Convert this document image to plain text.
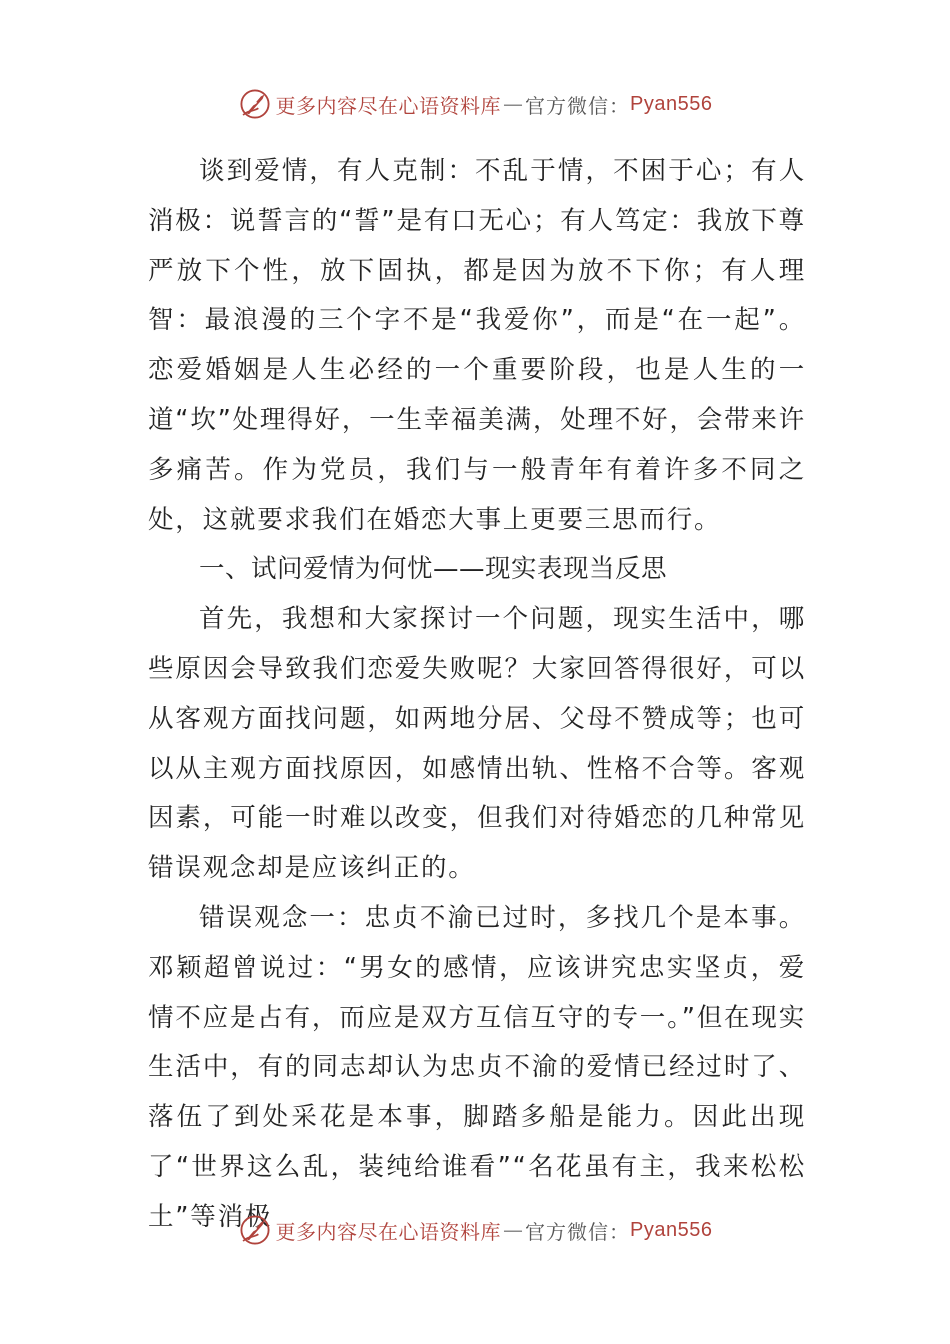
更多内容尽在心语资料库 — 官方微信： Pyan556

谈到爱情，有人克制：不乱于情，不困于心；有人消极：说誓言的“誓”是有口无心；有人笃定：我放下尊严放下个性，放下固执，都是因为放不下你；有人理智：最浪漫的三个字不是“我爱你”，而是“在一起”。恋爱婚姻是人生必经的一个重要阶段，也是人生的一道“坎”处理得好，一生幸福美满，处理不好，会带来许多痛苦。作为党员，我们与一般青年有着许多不同之处，这就要求我们在婚恋大事上更要三思而行。

一、试问爱情为何忧——现实表现当反思

首先，我想和大家探讨一个问题，现实生活中，哪些原因会导致我们恋爱失败呢？大家回答得很好，可以从客观方面找问题，如两地分居、父母不赞成等；也可以从主观方面找原因，如感情出轨、性格不合等。客观因素，可能一时难以改变，但我们对待婚恋的几种常见错误观念却是应该纠正的。

错误观念一：忠贞不渝已过时，多找几个是本事。邓颖超曾说过：“男女的感情，应该讲究忠实坚贞，爱情不应是占有，而应是双方互信互守的专一。”但在现实生活中，有的同志却认为忠贞不渝的爱情已经过时了、落伍了到处采花是本事，脚踏多船是能力。因此出现了“世界这么乱，装纯给谁看”“名花虽有主，我来松松土”等消极 更多内容尽在心语资料库 — 官方微信： Pyan556
